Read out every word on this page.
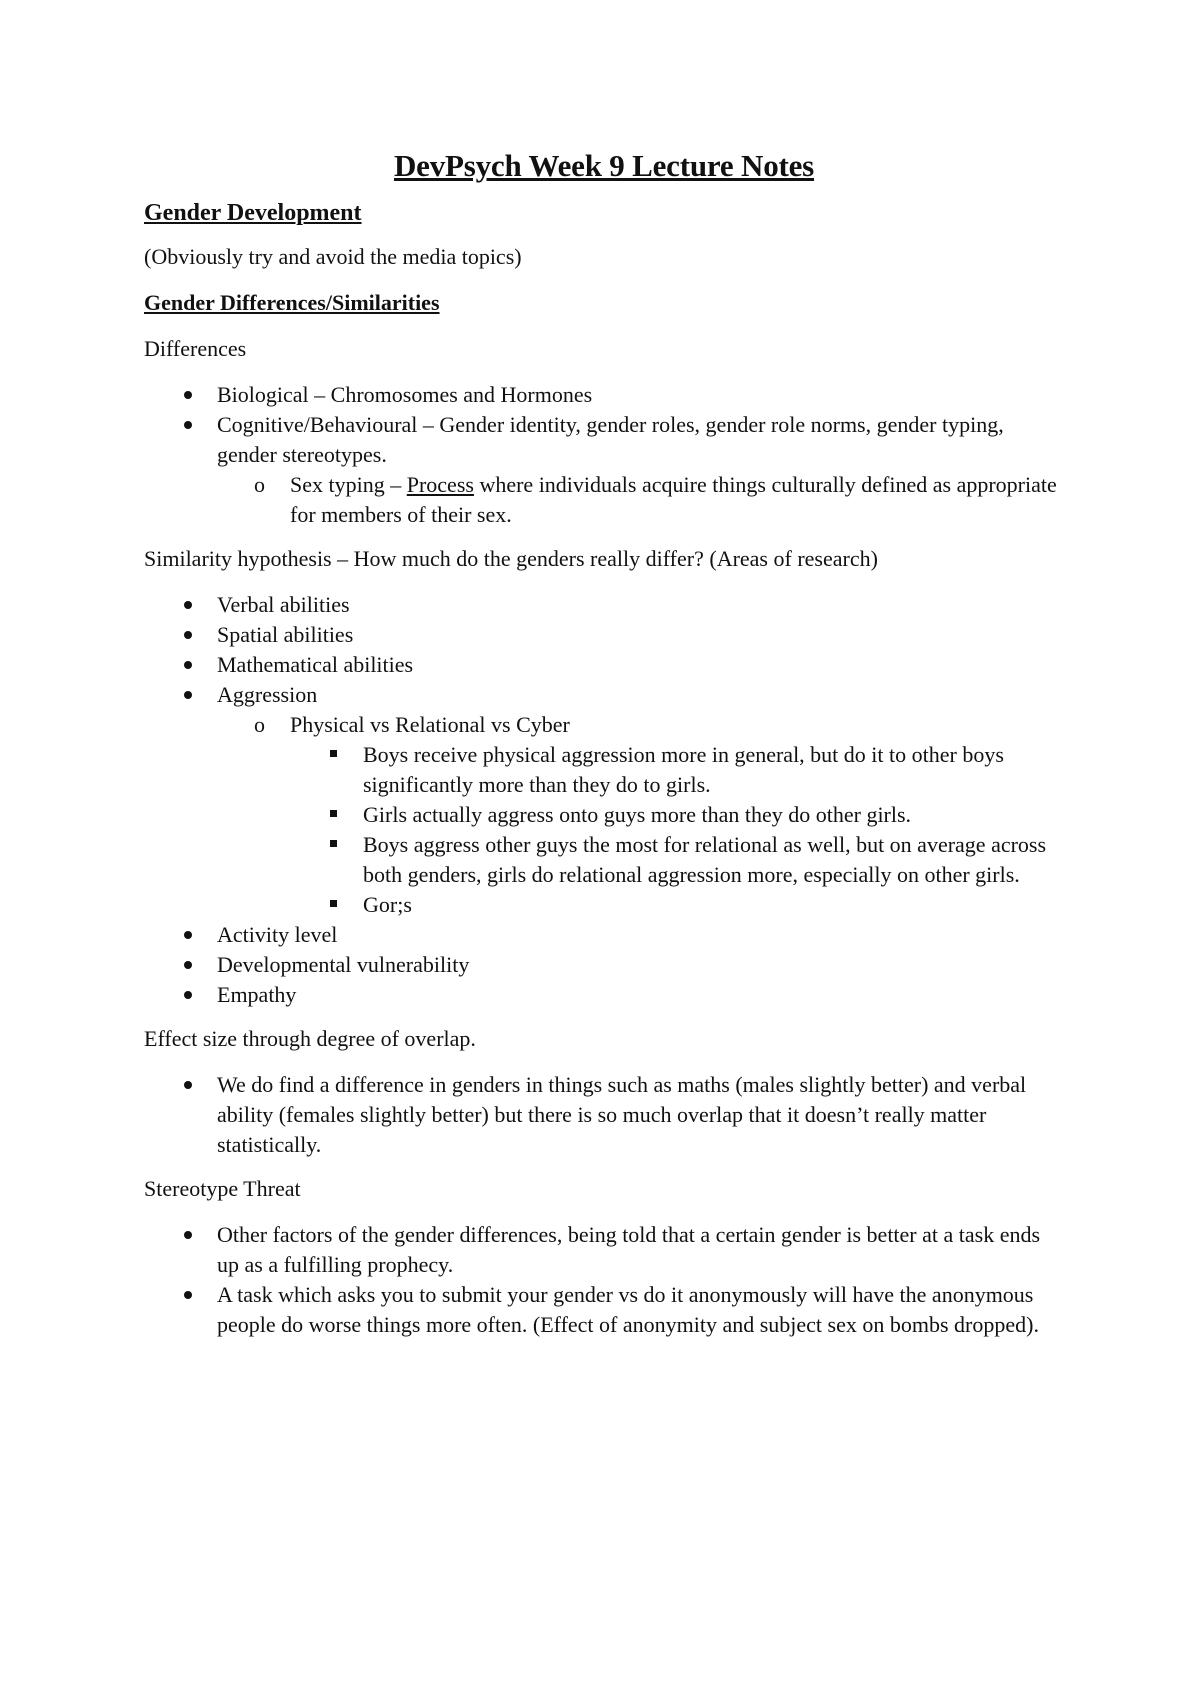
DevPsych Week 9 Lecture Notes
Gender Development

(Obviously try and avoid the media topics)

Gender Differences/Similarities

Differences

Biological – Chromosomes and Hormones
Cognitive/Behavioural – Gender identity, gender roles, gender role norms, gender typing, gender stereotypes.
o Sex typing – Process where individuals acquire things culturally defined as appropriate for members of their sex.

Similarity hypothesis – How much do the genders really differ? (Areas of research)

Verbal abilities
Spatial abilities
Mathematical abilities
Aggression
o Physical vs Relational vs Cyber
Boys receive physical aggression more in general, but do it to other boys significantly more than they do to girls.
Girls actually aggress onto guys more than they do other girls.
Boys aggress other guys the most for relational as well, but on average across both genders, girls do relational aggression more, especially on other girls.
Gor;s
Activity level
Developmental vulnerability
Empathy

Effect size through degree of overlap.

We do find a difference in genders in things such as maths (males slightly better) and verbal ability (females slightly better) but there is so much overlap that it doesn’t really matter statistically.

Stereotype Threat

Other factors of the gender differences, being told that a certain gender is better at a task ends up as a fulfilling prophecy.
A task which asks you to submit your gender vs do it anonymously will have the anonymous people do worse things more often. (Effect of anonymity and subject sex on bombs dropped).
